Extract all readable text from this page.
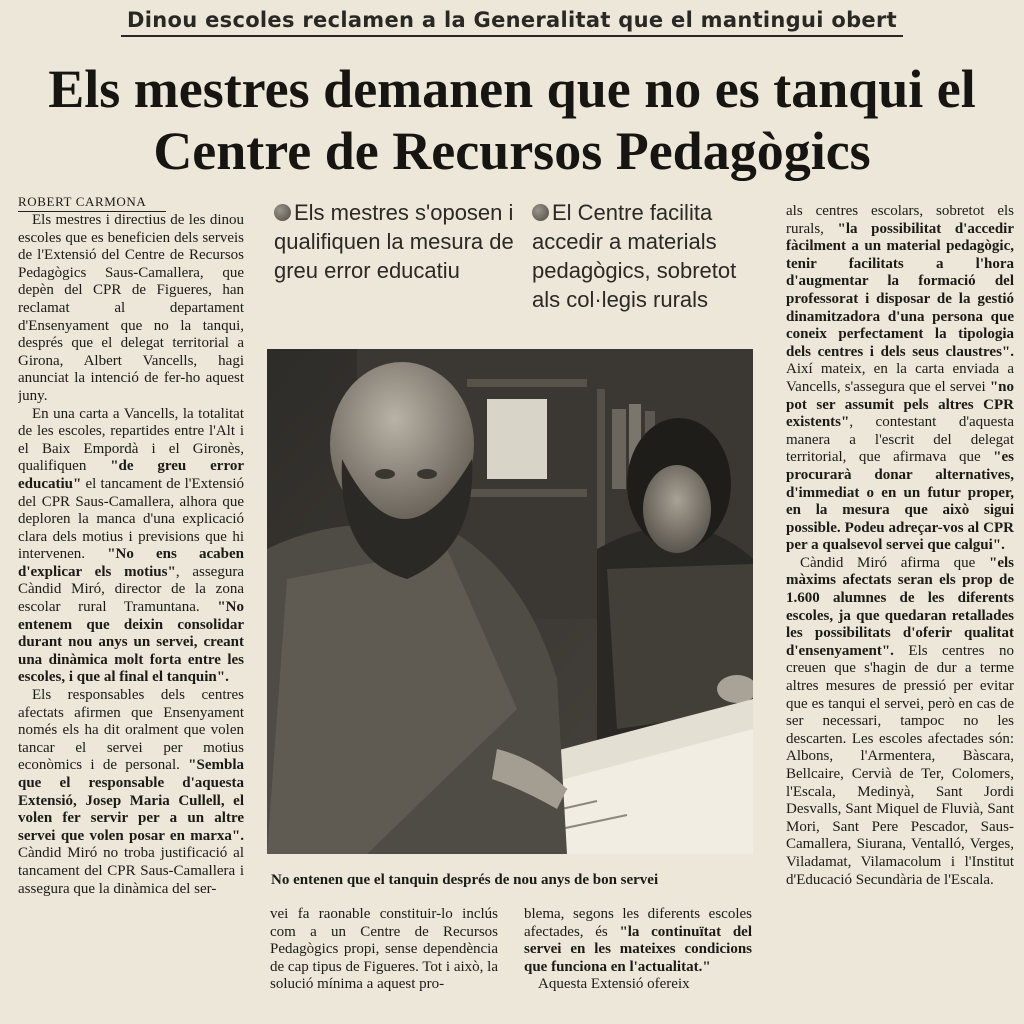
Dinou escoles reclamen a la Generalitat que el mantingui obert
Els mestres demanen que no es tanqui el
Centre de Recursos Pedagògics
ROBERT CARMONA

Els mestres i directius de les dinou escoles que es beneficien dels serveis de l'Extensió del Centre de Recursos Pedagògics Saus-Camallera, que depèn del CPR de Figueres, han reclamat al departament d'Ensenyament que no la tanqui, després que el delegat territorial a Girona, Albert Vancells, hagi anunciat la intenció de fer-ho aquest juny.

En una carta a Vancells, la totalitat de les escoles, repartides entre l'Alt i el Baix Empordà i el Gironès, qualifiquen "de greu error educatiu" el tancament de l'Extensió del CPR Saus-Camallera, alhora que deploren la manca d'una explicació clara dels motius i previsions que hi intervenen. "No ens acaben d'explicar els motius", assegura Càndid Miró, director de la zona escolar rural Tramuntana. "No entenem que deixin consolidar durant nou anys un servei, creant una dinàmica molt forta entre les escoles, i que al final el tanquin".

Els responsables dels centres afectats afirmen que Ensenyament només els ha dit oralment que volen tancar el servei per motius econòmics i de personal. "Sembla que el responsable d'aquesta Extensió, Josep Maria Cullell, el volen fer servir per a un altre servei que volen posar en marxa". Càndid Miró no troba justificació al tancament del CPR Saus-Camallera i assegura que la dinàmica del ser-

Els mestres s'oposen i qualifiquen la mesura de greu error educatiu
El Centre facilita accedir a materials pedagògics, sobretot als col·legis rurals
No entenen que el tanquin després de nou anys de bon servei

vei fa raonable constituir-lo inclús com a un Centre de Recursos Pedagògics propi, sense dependència de cap tipus de Figueres. Tot i això, la solució mínima a aquest pro-

blema, segons les diferents escoles afectades, és "la continuïtat del servei en les mateixes condicions que funciona en l'actualitat."

Aquesta Extensió ofereix

als centres escolars, sobretot els rurals, "la possibilitat d'accedir fàcilment a un material pedagògic, tenir facilitats a l'hora d'augmentar la formació del professorat i disposar de la gestió dinamitzadora d'una persona que coneix perfectament la tipologia dels centres i dels seus claustres". Així mateix, en la carta enviada a Vancells, s'assegura que el servei "no pot ser assumit pels altres CPR existents", contestant d'aquesta manera a l'escrit del delegat territorial, que afirmava que "es procurarà donar alternatives, d'immediat o en un futur proper, en la mesura que això sigui possible. Podeu adreçar-vos al CPR per a qualsevol servei que calgui".

Càndid Miró afirma que "els màxims afectats seran els prop de 1.600 alumnes de les diferents escoles, ja que quedaran retallades les possibilitats d'oferir qualitat d'ensenyament". Els centres no creuen que s'hagin de dur a terme altres mesures de pressió per evitar que es tanqui el servei, però en cas de ser necessari, tampoc no les descarten. Les escoles afectades són: Albons, l'Armentera, Bàscara, Bellcaire, Cervià de Ter, Colomers, l'Escala, Medinyà, Sant Jordi Desvalls, Sant Miquel de Fluvià, Sant Mori, Sant Pere Pescador, Saus-Camallera, Siurana, Ventalló, Verges, Viladamat, Vilamacolum i l'Institut d'Educació Secundària de l'Escala.
